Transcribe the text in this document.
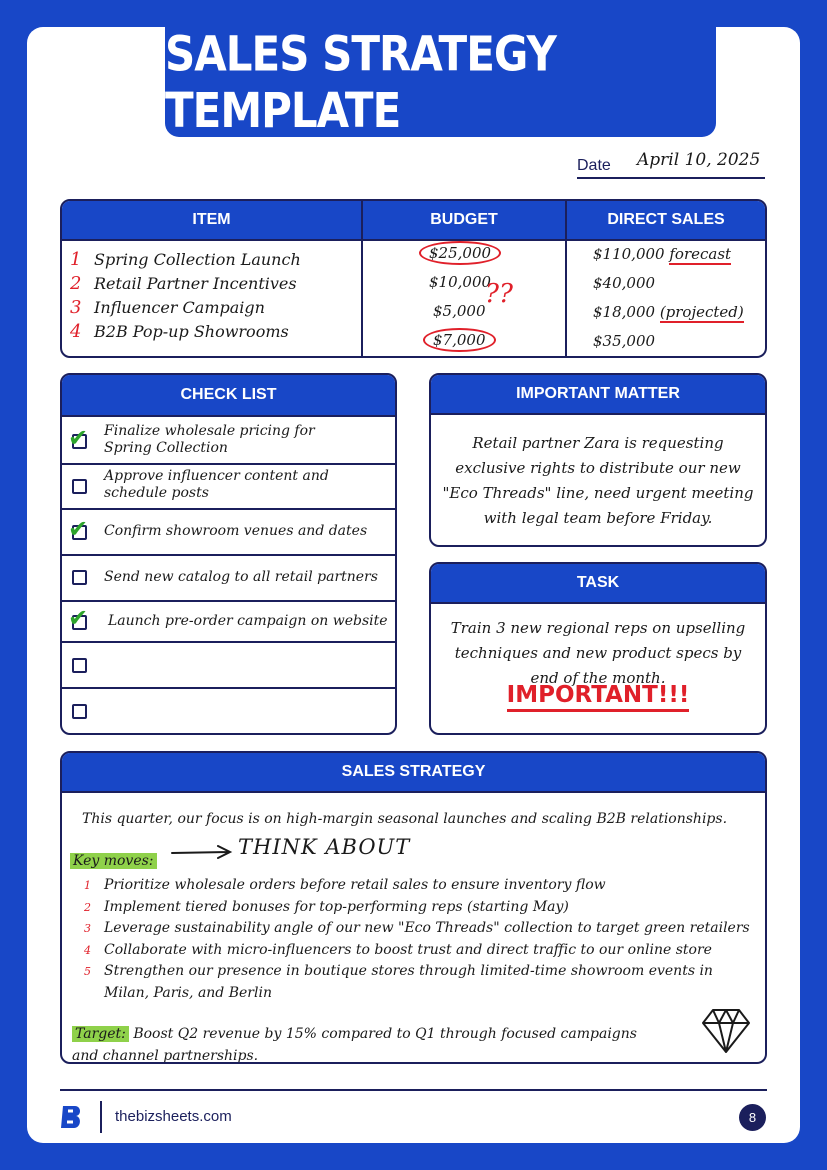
SALES STRATEGY TEMPLATE
Date April 10, 2025
ITEM
1 Spring Collection Launch
2 Retail Partner Incentives
3 Influencer Campaign
4 B2B Pop-up Showrooms
BUDGET
$25,000
$10,000
$5,000
??
$7,000
DIRECT SALES
$110,000 forecast
$40,000
$18,000 (projected)
$35,000
CHECK LIST
✔ Finalize wholesale pricing for Spring Collection
Approve influencer content and schedule posts
✔ Confirm showroom venues and dates
Send new catalog to all retail partners
✔ Launch pre-order campaign on website
IMPORTANT MATTER
Retail partner Zara is requesting exclusive rights to distribute our new "Eco Threads" line, need urgent meeting with legal team before Friday.
TASK
Train 3 new regional reps on upselling techniques and new product specs by end of the month.
IMPORTANT!!!
SALES STRATEGY
This quarter, our focus is on high-margin seasonal launches and scaling B2B relationships.
Key moves:
THINK ABOUT
1 Prioritize wholesale orders before retail sales to ensure inventory flow
2 Implement tiered bonuses for top-performing reps (starting May)
3 Leverage sustainability angle of our new "Eco Threads" collection to target green retailers
4 Collaborate with micro-influencers to boost trust and direct traffic to our online store
5 Strengthen our presence in boutique stores through limited-time showroom events in
Milan, Paris, and Berlin
Target: Boost Q2 revenue by 15% compared to Q1 through focused campaigns
and channel partnerships.
thebizsheets.com	8
